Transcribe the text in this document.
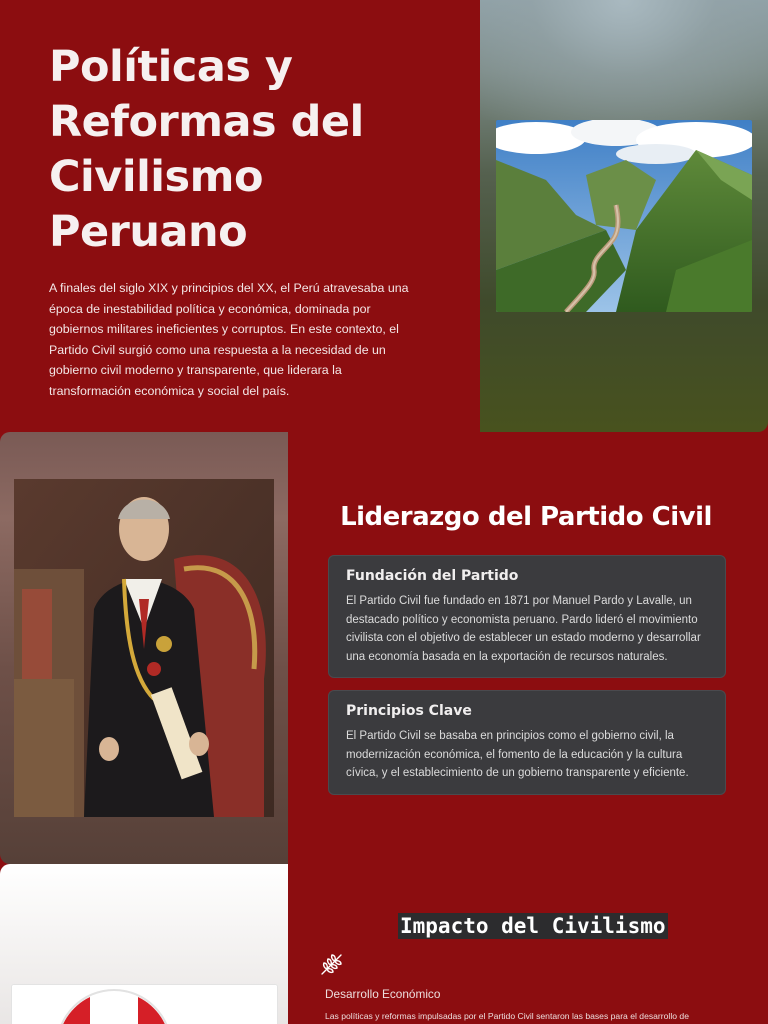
Políticas y Reformas del Civilismo Peruano

A finales del siglo XIX y principios del XX, el Perú atravesaba una época de inestabilidad política y económica, dominada por gobiernos militares ineficientes y corruptos. En este contexto, el Partido Civil surgió como una respuesta a la necesidad de un gobierno civil moderno y transparente, que liderara la transformación económica y social del país.

Liderazgo del Partido Civil
Fundación del Partido

El Partido Civil fue fundado en 1871 por Manuel Pardo y Lavalle, un destacado político y economista peruano. Pardo lideró el movimiento civilista con el objetivo de establecer un estado moderno y desarrollar una economía basada en la exportación de recursos naturales.

Principios Clave

El Partido Civil se basaba en principios como el gobierno civil, la modernización económica, el fomento de la educación y la cultura cívica, y el establecimiento de un gobierno transparente y eficiente.

Impacto del Civilismo

Desarrollo Económico

Las políticas y reformas impulsadas por el Partido Civil sentaron las bases para el desarrollo de
